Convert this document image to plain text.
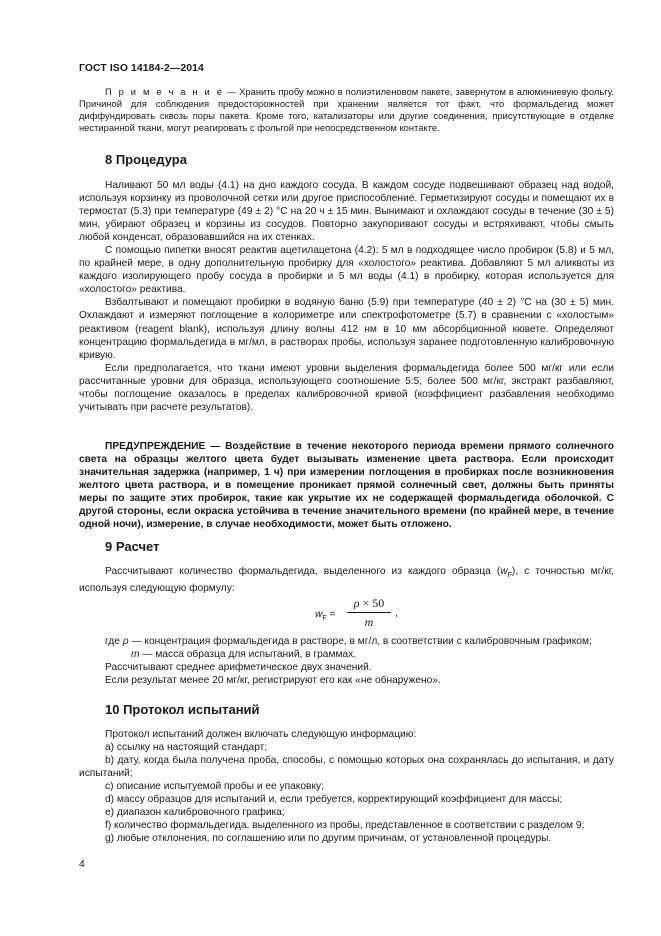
ГОСТ ISO 14184-2—2014

П р и м е ч а н и е — Хранить пробу можно в полиэтиленовом пакете, завернутом в алюминиевую фольгу. Причиной для соблюдения предосторожностей при хранении является тот факт, что формальдегид может диффундировать сквозь поры пакета. Кроме того, катализаторы или другие соединения, присутствующие в отделке нестиранной ткани, могут реагировать с фольгой при непосредственном контакте.

8 Процедура

Наливают 50 мл воды (4.1) на дно каждого сосуда. В каждом сосуде подвешивают образец над водой, используя корзинку из проволочной сетки или другое приспособление. Герметизируют сосуды и помещают их в термостат (5.3) при температуре (49 ± 2) °С на 20 ч ± 15 мин. Вынимают и охлаждают сосуды в течение (30 ± 5) мин, убирают образец и корзины из сосудов. Повторно закупоривают сосуды и встряхивают, чтобы смыть любой конденсат, образовавшийся на их стенках.

С помощью пипетки вносят реактив ацетилацетона (4.2): 5 мл в подходящее число пробирок (5.8) и 5 мл, по крайней мере, в одну дополнительную пробирку для «холостого» реактива. Добавляют 5 мл аликвоты из каждого изолирующего пробу сосуда в пробирки и 5 мл воды (4.1) в пробирку, которая используется для «холостого» реактива.

Взбалтывают и помещают пробирки в водяную баню (5.9) при температуре (40 ± 2) °С на (30 ± 5) мин. Охлаждают и измеряют поглощение в колориметре или спектрофотометре (5.7) в сравнении с «холостым» реактивом (reagent blank), используя длину волны 412 нм в 10 мм абсорбционной кювете. Определяют концентрацию формальдегида в мг/мл, в растворах пробы, используя заранее подготовленную калибровочную кривую.

Если предполагается, что ткани имеют уровни выделения формальдегида более 500 мг/кг или если рассчитанные уровни для образца, использующего соотношение 5:5, более 500 мг/кг, экстракт разбавляют, чтобы поглощение оказалось в пределах калибровочной кривой (коэффициент разбавления необходимо учитывать при расчете результатов).

ПРЕДУПРЕЖДЕНИЕ — Воздействие в течение некоторого периода времени прямого солнечного света на образцы желтого цвета будет вызывать изменение цвета раствора. Если происходит значительная задержка (например, 1 ч) при измерении поглощения в пробирках после возникновения желтого цвета раствора, и в помещение проникает прямой солнечный свет, должны быть приняты меры по защите этих пробирок, такие как укрытие их не содержащей формальдегида оболочкой. С другой стороны, если окраска устойчива в течение значительного времени (по крайней мере, в течение одной ночи), измерение, в случае необходимости, может быть отложено.

9 Расчет

Рассчитывают количество формальдегида, выделенного из каждого образца $(w_F)$, с точностью мг/кг, используя следующую формулу:

$w_F$ =
ρ × 50
m
,

где ρ — концентрация формальдегида в растворе, в мг/л, в соответствии с калибровочным графиком;

m — масса образца для испытаний, в граммах.

Рассчитывают среднее арифметическое двух значений.

Если результат менее 20 мг/кг, регистрируют его как «не обнаружено».

10 Протокол испытаний

Протокол испытаний должен включать следующую информацию:

а) ссылку на настоящий стандарт;

b) дату, когда была получена проба, способы, с помощью которых она сохранялась до испытания, и дату испытаний;

с) описание испытуемой пробы и ее упаковку;

d) массу образцов для испытаний и, если требуется, корректирующий коэффициент для массы;

е) диапазон калибровочного графика;

f) количество формальдегида, выделенного из пробы, представленное в соответствии с разделом 9;

g) любые отклонения, по соглашению или по другим причинам, от установленной процедуры.

4
